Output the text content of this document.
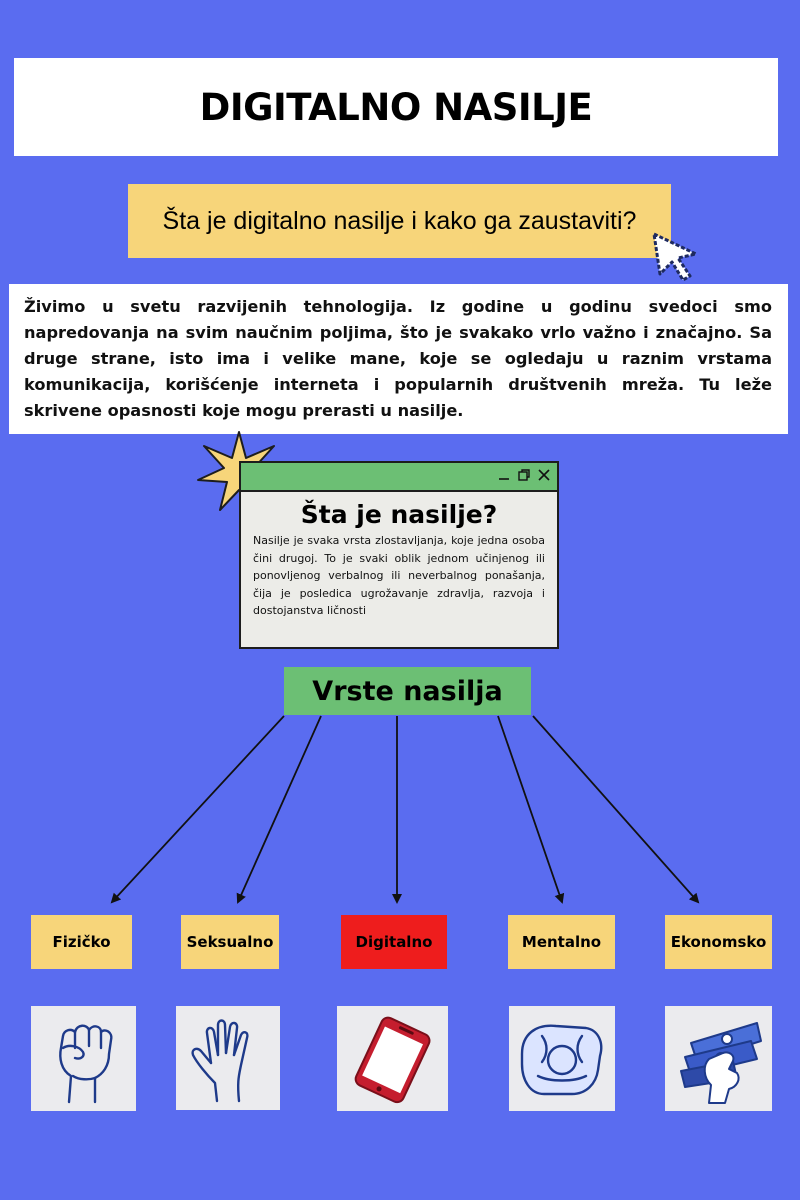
DIGITALNO NASILJE
Šta je digitalno nasilje i kako ga zaustaviti?

Živimo u svetu razvijenih tehnologija. Iz godine u godinu svedoci smo napredovanja na svim naučnim poljima, što je svakako vrlo važno i značajno. Sa druge strane, isto ima i velike mane, koje se ogledaju u raznim vrstama komunikacija, korišćenje interneta i popularnih društvenih mreža. Tu leže skrivene opasnosti koje mogu prerasti u nasilje.

Šta je nasilje?

Nasilje je svaka vrsta zlostavljanja, koje jedna osoba čini drugoj. To je svaki oblik jednom učinjenog ili ponovljenog verbalnog ili neverbalnog ponašanja, čija je posledica ugrožavanje zdravlja, razvoja i dostojanstva ličnosti

Vrste nasilja
Fizičko	Seksualno	Digitalno	Mentalno	Ekonomsko
